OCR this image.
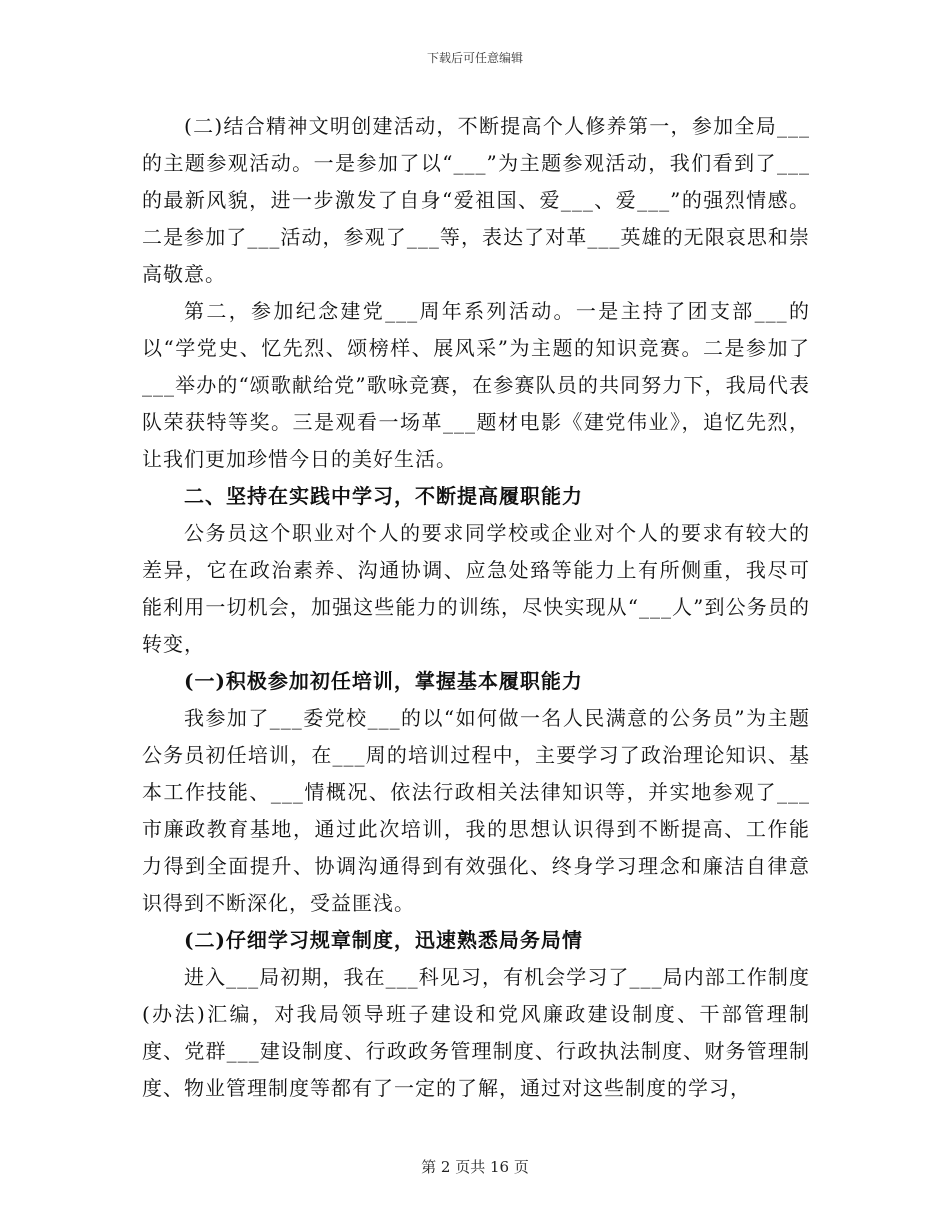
下载后可任意编辑

(二)结合精神文明创建活动，不断提高个人修养第一，参加全局___的主题参观活动。一是参加了以“___”为主题参观活动，我们看到了___的最新风貌，进一步激发了自身“爱祖国、爱___、爱___”的强烈情感。二是参加了___活动，参观了___等，表达了对革___英雄的无限哀思和崇高敬意。

第二，参加纪念建党___周年系列活动。一是主持了团支部___的以“学党史、忆先烈、颂榜样、展风采”为主题的知识竞赛。二是参加了___举办的“颂歌献给党”歌咏竞赛，在参赛队员的共同努力下，我局代表队荣获特等奖。三是观看一场革___题材电影《建党伟业》，追忆先烈，让我们更加珍惜今日的美好生活。

二、坚持在实践中学习，不断提高履职能力

公务员这个职业对个人的要求同学校或企业对个人的要求有较大的差异，它在政治素养、沟通协调、应急处臵等能力上有所侧重，我尽可能利用一切机会，加强这些能力的训练，尽快实现从“___人”到公务员的转变，

(一)积极参加初任培训，掌握基本履职能力

我参加了___委党校___的以“如何做一名人民满意的公务员”为主题公务员初任培训，在___周的培训过程中，主要学习了政治理论知识、基本工作技能、___情概况、依法行政相关法律知识等，并实地参观了___市廉政教育基地，通过此次培训，我的思想认识得到不断提高、工作能力得到全面提升、协调沟通得到有效强化、终身学习理念和廉洁自律意识得到不断深化，受益匪浅。

(二)仔细学习规章制度，迅速熟悉局务局情

进入___局初期，我在___科见习，有机会学习了___局内部工作制度(办法)汇编，对我局领导班子建设和党风廉政建设制度、干部管理制度、党群___建设制度、行政政务管理制度、行政执法制度、财务管理制度、物业管理制度等都有了一定的了解，通过对这些制度的学习，

第 2 页共 16 页
